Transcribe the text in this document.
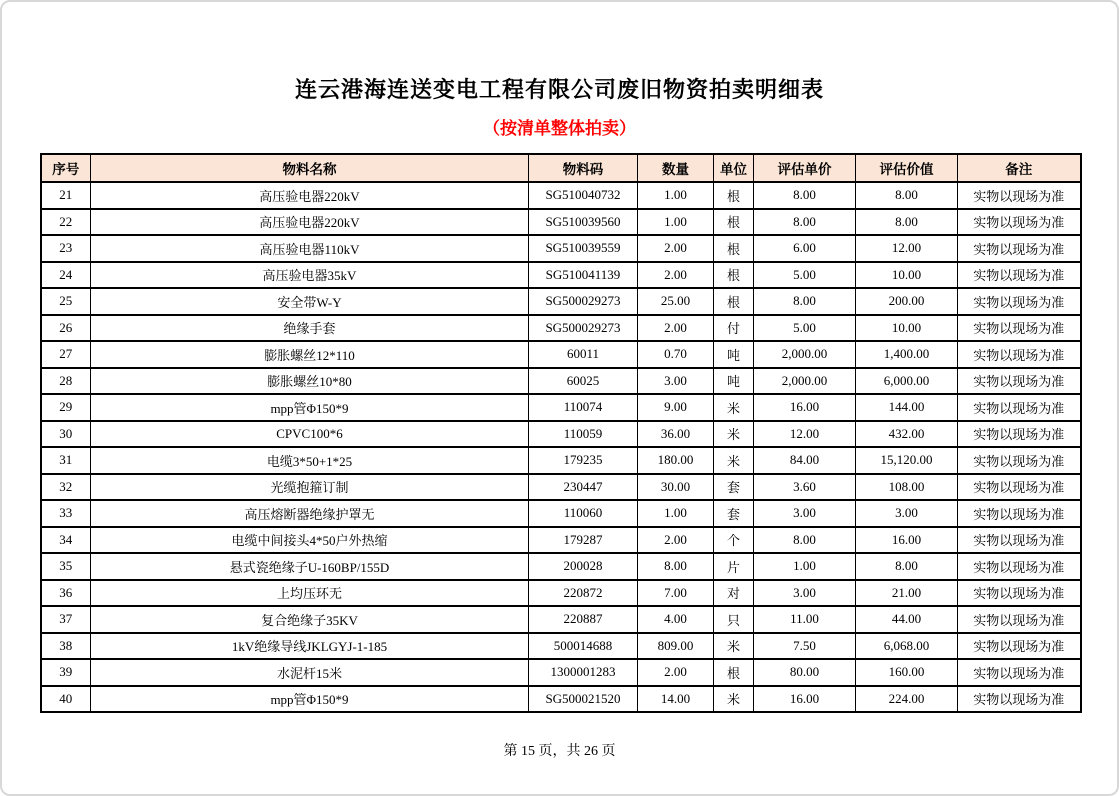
连云港海连送变电工程有限公司废旧物资拍卖明细表
（按清单整体拍卖）
序号	物料名称	物料码	数量	单位	评估单价	评估价值	备注
21	高压验电器220kV	SG510040732	1.00	根	8.00	8.00	实物以现场为准
22	高压验电器220kV	SG510039560	1.00	根	8.00	8.00	实物以现场为准
23	高压验电器110kV	SG510039559	2.00	根	6.00	12.00	实物以现场为准
24	高压验电器35kV	SG510041139	2.00	根	5.00	10.00	实物以现场为准
25	安全带W-Y	SG500029273	25.00	根	8.00	200.00	实物以现场为准
26	绝缘手套	SG500029273	2.00	付	5.00	10.00	实物以现场为准
27	膨胀螺丝12*110	60011	0.70	吨	2,000.00	1,400.00	实物以现场为准
28	膨胀螺丝10*80	60025	3.00	吨	2,000.00	6,000.00	实物以现场为准
29	mpp管Φ150*9	110074	9.00	米	16.00	144.00	实物以现场为准
30	CPVC100*6	110059	36.00	米	12.00	432.00	实物以现场为准
31	电缆3*50+1*25	179235	180.00	米	84.00	15,120.00	实物以现场为准
32	光缆抱箍订制	230447	30.00	套	3.60	108.00	实物以现场为准
33	高压熔断器绝缘护罩无	110060	1.00	套	3.00	3.00	实物以现场为准
34	电缆中间接头4*50户外热缩	179287	2.00	个	8.00	16.00	实物以现场为准
35	悬式瓷绝缘子U-160BP/155D	200028	8.00	片	1.00	8.00	实物以现场为准
36	上均压环无	220872	7.00	对	3.00	21.00	实物以现场为准
37	复合绝缘子35KV	220887	4.00	只	11.00	44.00	实物以现场为准
38	1kV绝缘导线JKLGYJ-1-185	500014688	809.00	米	7.50	6,068.00	实物以现场为准
39	水泥杆15米	1300001283	2.00	根	80.00	160.00	实物以现场为准
40	mpp管Φ150*9	SG500021520	14.00	米	16.00	224.00	实物以现场为准
第 15 页，共 26 页
